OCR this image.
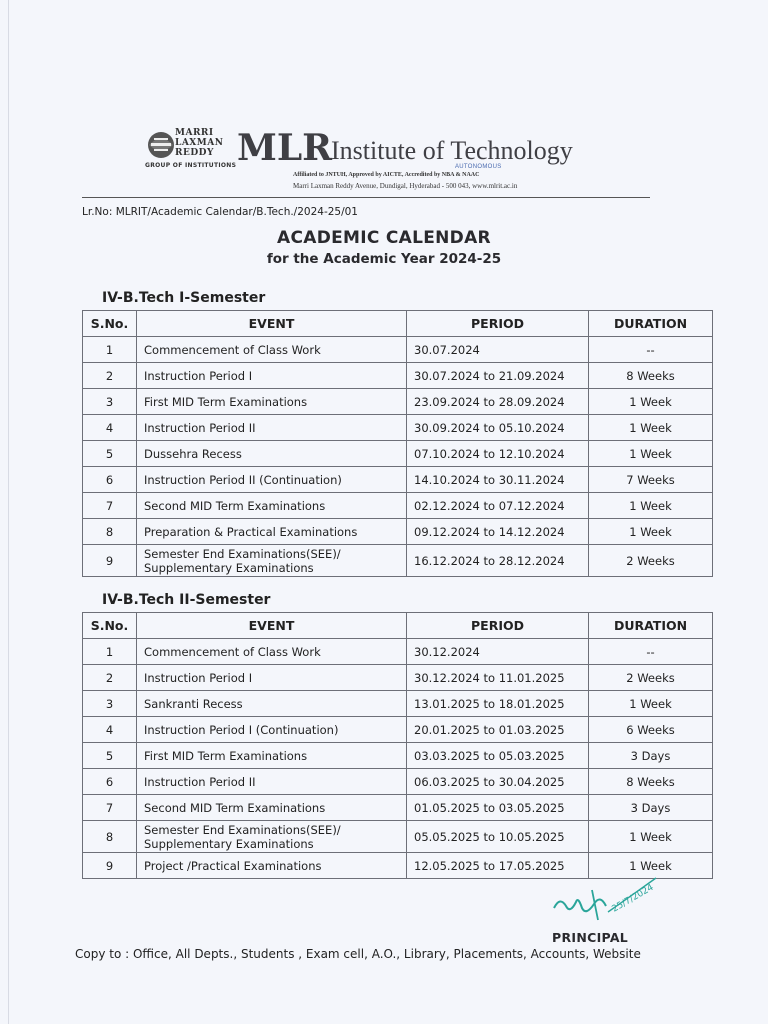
MARRI
LAXMAN
REDDY
GROUP OF INSTITUTIONS MLR
Institute of Technology
AUTONOMOUS
Affiliated to JNTUH, Approved by AICTE, Accredited by NBA & NAAC
Marri Laxman Reddy Avenue, Dundigal, Hyderabad - 500 043, www.mlrit.ac.in
Lr.No: MLRIT/Academic Calendar/B.Tech./2024-25/01
ACADEMIC CALENDAR
for the Academic Year 2024-25
IV-B.Tech I-Semester
S.No.	EVENT	PERIOD	DURATION
1	Commencement of Class Work	30.07.2024	--
2	Instruction Period I	30.07.2024 to 21.09.2024	8 Weeks
3	First MID Term Examinations	23.09.2024 to 28.09.2024	1 Week
4	Instruction Period II	30.09.2024 to 05.10.2024	1 Week
5	Dussehra Recess	07.10.2024 to 12.10.2024	1 Week
6	Instruction Period II (Continuation)	14.10.2024 to 30.11.2024	7 Weeks
7	Second MID Term Examinations	02.12.2024 to 07.12.2024	1 Week
8	Preparation & Practical Examinations	09.12.2024 to 14.12.2024	1 Week
9	Semester End Examinations(SEE)/ Supplementary Examinations	16.12.2024 to 28.12.2024	2 Weeks
IV-B.Tech II-Semester
S.No.	EVENT	PERIOD	DURATION
1	Commencement of Class Work	30.12.2024	--
2	Instruction Period I	30.12.2024 to 11.01.2025	2 Weeks
3	Sankranti Recess	13.01.2025 to 18.01.2025	1 Week
4	Instruction Period I (Continuation)	20.01.2025 to 01.03.2025	6 Weeks
5	First MID Term Examinations	03.03.2025 to 05.03.2025	3 Days
6	Instruction Period II	06.03.2025 to 30.04.2025	8 Weeks
7	Second MID Term Examinations	01.05.2025 to 03.05.2025	3 Days
8	Semester End Examinations(SEE)/ Supplementary Examinations	05.05.2025 to 10.05.2025	1 Week
9	Project /Practical Examinations	12.05.2025 to 17.05.2025	1 Week
25/7/2024
PRINCIPAL
Copy to : Office, All Depts., Students , Exam cell, A.O., Library, Placements, Accounts, Website
